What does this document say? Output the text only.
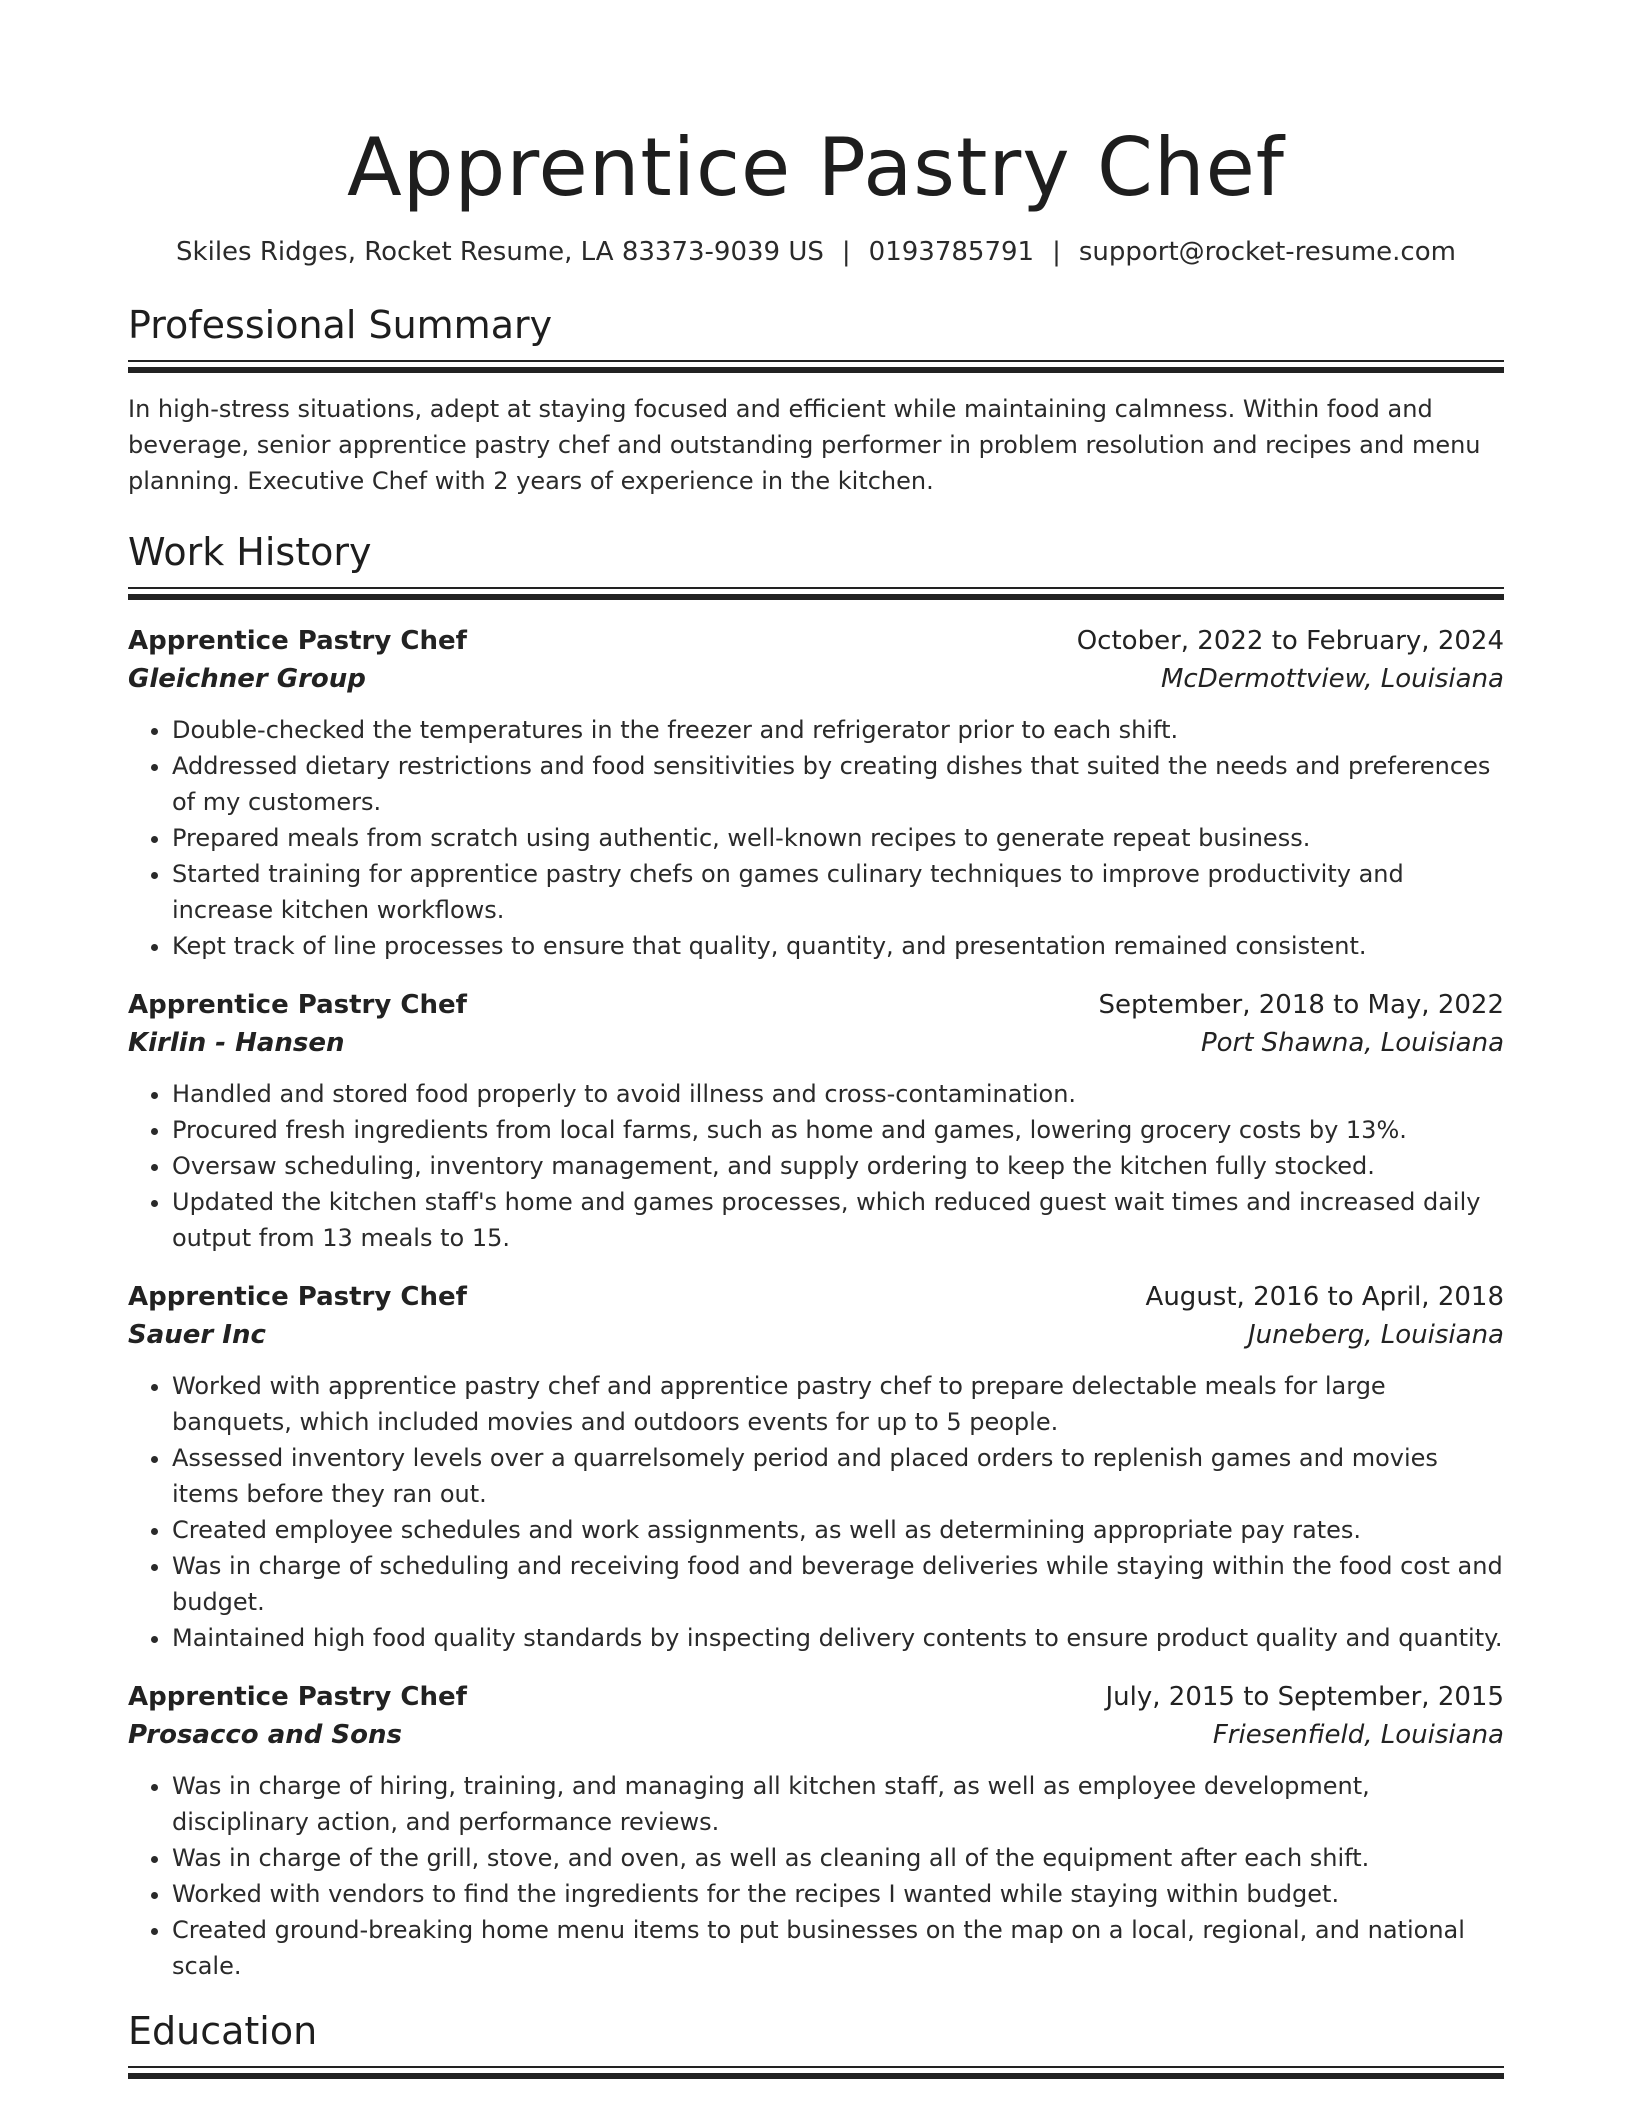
Apprentice Pastry Chef
Skiles Ridges, Rocket Resume, LA 83373-9039 US | 0193785791 | support@rocket-resume.com
Professional Summary

In high-stress situations, adept at staying focused and efficient while maintaining calmness. Within food and beverage, senior apprentice pastry chef and outstanding performer in problem resolution and recipes and menu planning. Executive Chef with 2 years of experience in the kitchen.

Work History
Apprentice Pastry Chef	October, 2022 to February, 2024
Gleichner Group	McDermottview, Louisiana
• Double-checked the temperatures in the freezer and refrigerator prior to each shift.
• Addressed dietary restrictions and food sensitivities by creating dishes that suited the needs and preferences of my customers.
• Prepared meals from scratch using authentic, well-known recipes to generate repeat business.
• Started training for apprentice pastry chefs on games culinary techniques to improve productivity and increase kitchen workflows.
• Kept track of line processes to ensure that quality, quantity, and presentation remained consistent.
Apprentice Pastry Chef	September, 2018 to May, 2022
Kirlin - Hansen	Port Shawna, Louisiana
• Handled and stored food properly to avoid illness and cross-contamination.
• Procured fresh ingredients from local farms, such as home and games, lowering grocery costs by 13%.
• Oversaw scheduling, inventory management, and supply ordering to keep the kitchen fully stocked.
• Updated the kitchen staff's home and games processes, which reduced guest wait times and increased daily output from 13 meals to 15.
Apprentice Pastry Chef	August, 2016 to April, 2018
Sauer Inc	Juneberg, Louisiana
• Worked with apprentice pastry chef and apprentice pastry chef to prepare delectable meals for large banquets, which included movies and outdoors events for up to 5 people.
• Assessed inventory levels over a quarrelsomely period and placed orders to replenish games and movies items before they ran out.
• Created employee schedules and work assignments, as well as determining appropriate pay rates.
• Was in charge of scheduling and receiving food and beverage deliveries while staying within the food cost and budget.
• Maintained high food quality standards by inspecting delivery contents to ensure product quality and quantity.
Apprentice Pastry Chef	July, 2015 to September, 2015
Prosacco and Sons	Friesenfield, Louisiana
• Was in charge of hiring, training, and managing all kitchen staff, as well as employee development, disciplinary action, and performance reviews.
• Was in charge of the grill, stove, and oven, as well as cleaning all of the equipment after each shift.
• Worked with vendors to find the ingredients for the recipes I wanted while staying within budget.
• Created ground-breaking home menu items to put businesses on the map on a local, regional, and national scale.
Education
